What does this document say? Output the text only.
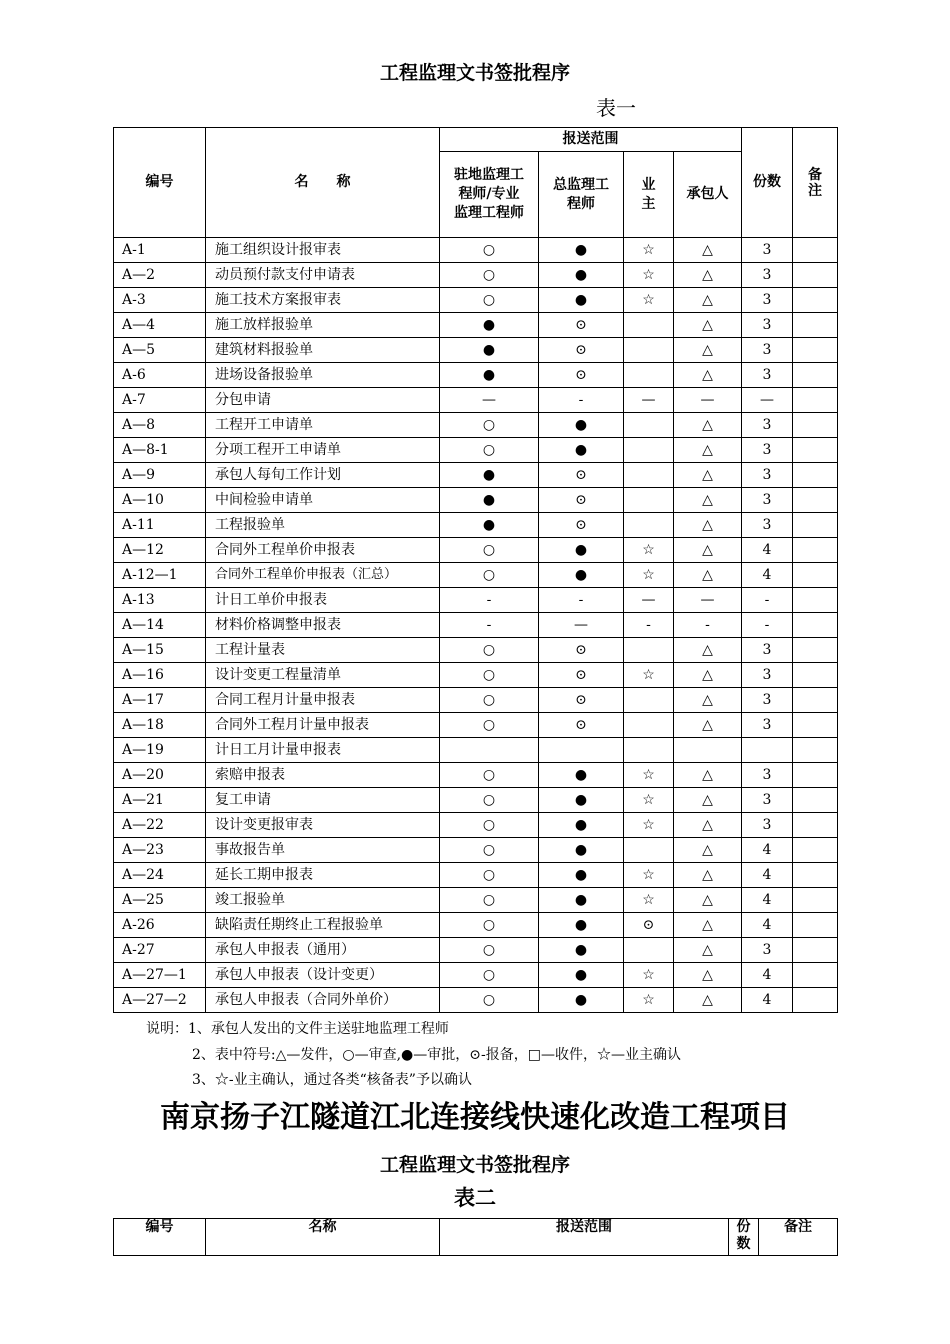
工程监理文书签批程序
表一
编号	名　　称	报送范围				份数	备注
		驻地监理工程师/专业监理工程师	总监理工程师	业主	承包人		
A-1	施工组织设计报审表	○	●	☆	△	3	
A—2	动员预付款支付申请表	○	●	☆	△	3	
A-3	施工技术方案报审表	○	●	☆	△	3	
A—4	施工放样报验单	●	⊙		△	3	
A—5	建筑材料报验单	●	⊙		△	3	
A-6	进场设备报验单	●	⊙		△	3	
A-7	分包申请	—	-	—	—	—	
A—8	工程开工申请单	○	●		△	3	
A—8-1	分项工程开工申请单	○	●		△	3	
A—9	承包人每旬工作计划	●	⊙		△	3	
A—10	中间检验申请单	●	⊙		△	3	
A-11	工程报验单	●	⊙		△	3	
A—12	合同外工程单价申报表	○	●	☆	△	4	
A-12—1	合同外工程单价申报表（汇总）	○	●	☆	△	4	
A-13	计日工单价申报表	-	-	—	—	-	
A—14	材料价格调整申报表	-	—	-	-	-	
A—15	工程计量表	○	⊙		△	3	
A—16	设计变更工程量清单	○	⊙	☆	△	3	
A—17	合同工程月计量申报表	○	⊙		△	3	
A—18	合同外工程月计量申报表	○	⊙		△	3	
A—19	计日工月计量申报表						
A—20	索赔申报表	○	●	☆	△	3	
A—21	复工申请	○	●	☆	△	3	
A—22	设计变更报审表	○	●	☆	△	3	
A—23	事故报告单	○	●		△	4	
A—24	延长工期申报表	○	●	☆	△	4	
A—25	竣工报验单	○	●	☆	△	4	
A-26	缺陷责任期终止工程报验单	○	●	⊙	△	4	
A-27	承包人申报表（通用）	○	●		△	3	
A—27—1	承包人申报表（设计变更）	○	●	☆	△	4	
A—27—2	承包人申报表（合同外单价）	○	●	☆	△	4	
说明：1、承包人发出的文件主送驻地监理工程师
2、表中符号:△—发件，○—审查,●—审批，⊙-报备，□—收件，☆—业主确认
3、☆-业主确认，通过各类“核备表”予以确认
南京扬子江隧道江北连接线快速化改造工程项目
工程监理文书签批程序
表二
编号	名称	报送范围	份数	备注
